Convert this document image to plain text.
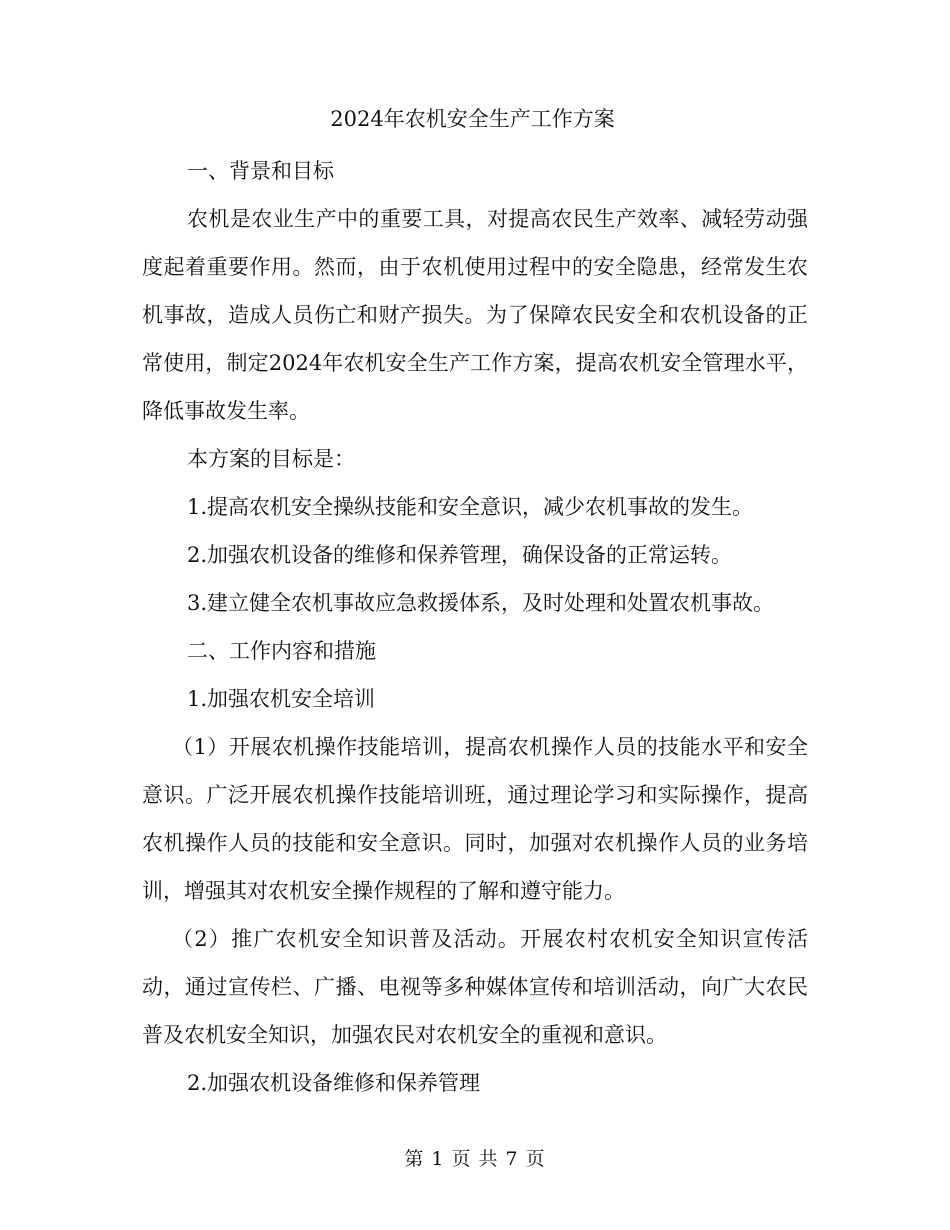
2024年农机安全生产工作方案

一、背景和目标

农机是农业生产中的重要工具，对提高农民生产效率、减轻劳动强度起着重要作用。然而，由于农机使用过程中的安全隐患，经常发生农机事故，造成人员伤亡和财产损失。为了保障农民安全和农机设备的正常使用，制定2024年农机安全生产工作方案，提高农机安全管理水平，降低事故发生率。

本方案的目标是：

1.提高农机安全操纵技能和安全意识，减少农机事故的发生。

2.加强农机设备的维修和保养管理，确保设备的正常运转。

3.建立健全农机事故应急救援体系，及时处理和处置农机事故。

二、工作内容和措施

1.加强农机安全培训

（1）开展农机操作技能培训，提高农机操作人员的技能水平和安全意识。广泛开展农机操作技能培训班，通过理论学习和实际操作，提高农机操作人员的技能和安全意识。同时，加强对农机操作人员的业务培训，增强其对农机安全操作规程的了解和遵守能力。

（2）推广农机安全知识普及活动。开展农村农机安全知识宣传活动，通过宣传栏、广播、电视等多种媒体宣传和培训活动，向广大农民普及农机安全知识，加强农民对农机安全的重视和意识。

2.加强农机设备维修和保养管理

第 1 页 共 7 页
